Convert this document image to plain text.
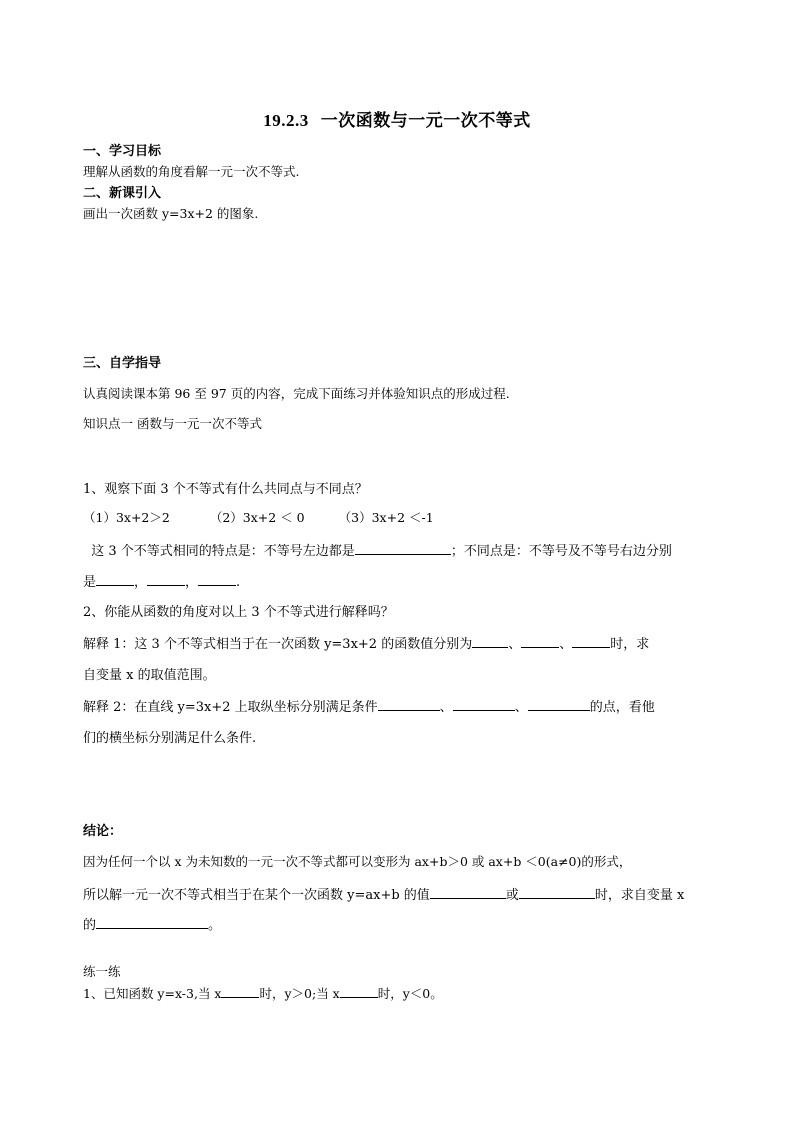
19.2.3 一次函数与一元一次不等式
一、学习目标
理解从函数的角度看解一元一次不等式.
二、新课引入
画出一次函数 y=3x+2 的图象.
三、自学指导
认真阅读课本第 96 至 97 页的内容，完成下面练习并体验知识点的形成过程.
知识点一 函数与一元一次不等式
1、观察下面 3 个不等式有什么共同点与不同点？
（1）3x+2＞2	（2）3x+2 ＜ 0	（3）3x+2 ＜-1
这 3 个不等式相同的特点是：不等号左边都是	；不同点是：不等号及不等号右边分别
是	，	，	.
2、你能从函数的角度对以上 3 个不等式进行解释吗？
解释 1：这 3 个不等式相当于在一次函数 y=3x+2 的函数值分别为	、	、	时，求
自变量 x 的取值范围。
解释 2：在直线 y=3x+2 上取纵坐标分别满足条件	、	、	的点，看他
们的横坐标分别满足什么条件.
结论：
因为任何一个以 x 为未知数的一元一次不等式都可以变形为 ax+b＞0 或 ax+b ＜0(a≠0)的形式，
所以解一元一次不等式相当于在某个一次函数 y=ax+b 的值	或	时，求自变量 x
的	。
练一练
1、已知函数 y=x-3,当 x	时，y＞0;当 x	时，y＜0。
